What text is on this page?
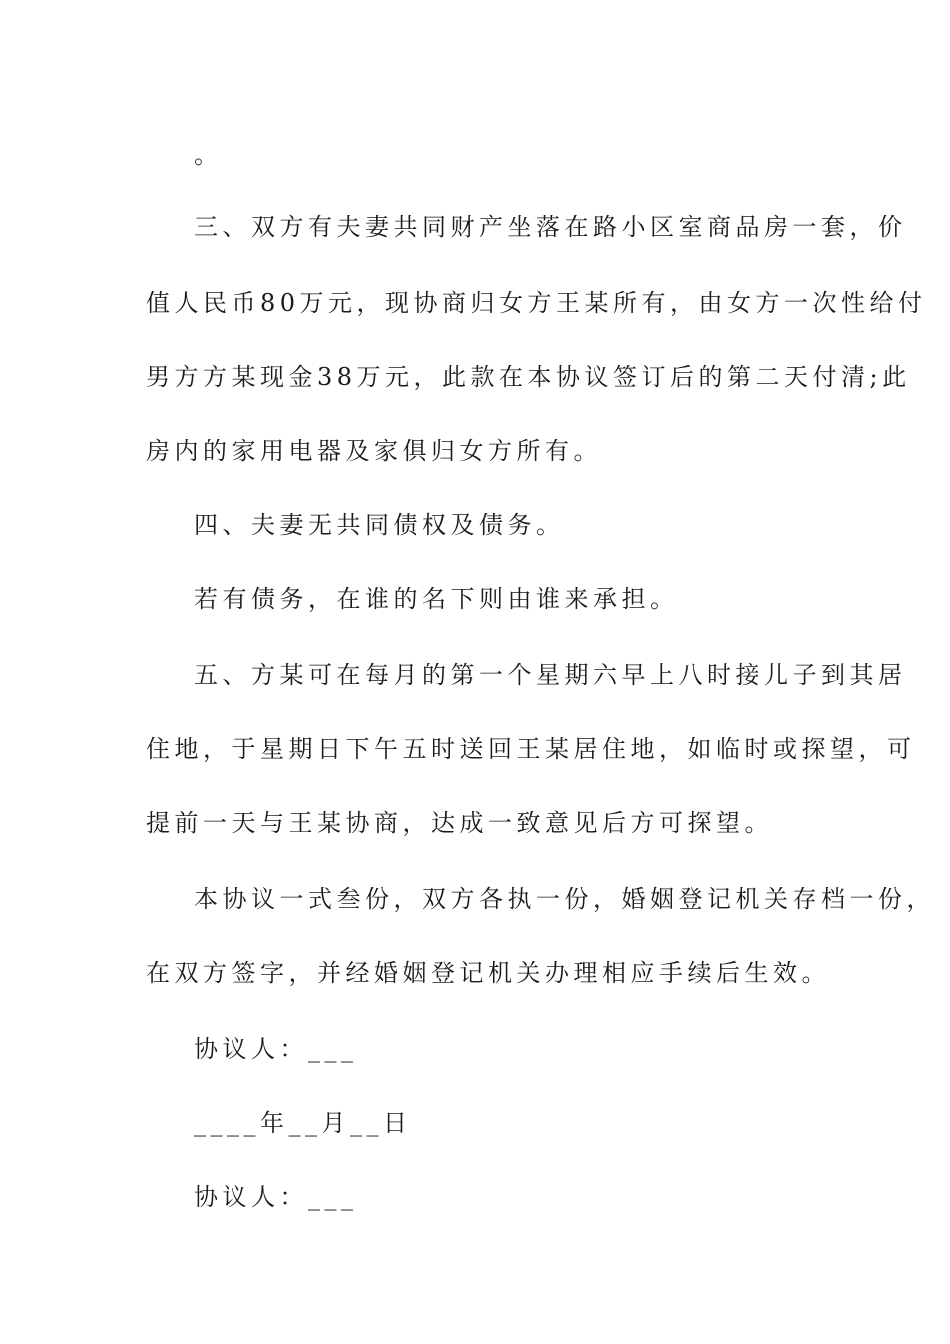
。
三、双方有夫妻共同财产坐落在路小区室商品房一套，价
值人民币80万元，现协商归女方王某所有，由女方一次性给付
男方方某现金38万元，此款在本协议签订后的第二天付清;此
房内的家用电器及家俱归女方所有。
四、夫妻无共同债权及债务。
若有债务，在谁的名下则由谁来承担。
五、方某可在每月的第一个星期六早上八时接儿子到其居
住地，于星期日下午五时送回王某居住地，如临时或探望，可
提前一天与王某协商，达成一致意见后方可探望。
本协议一式叁份，双方各执一份，婚姻登记机关存档一份，
在双方签字，并经婚姻登记机关办理相应手续后生效。
协议人：___
____年__月__日
协议人：___
